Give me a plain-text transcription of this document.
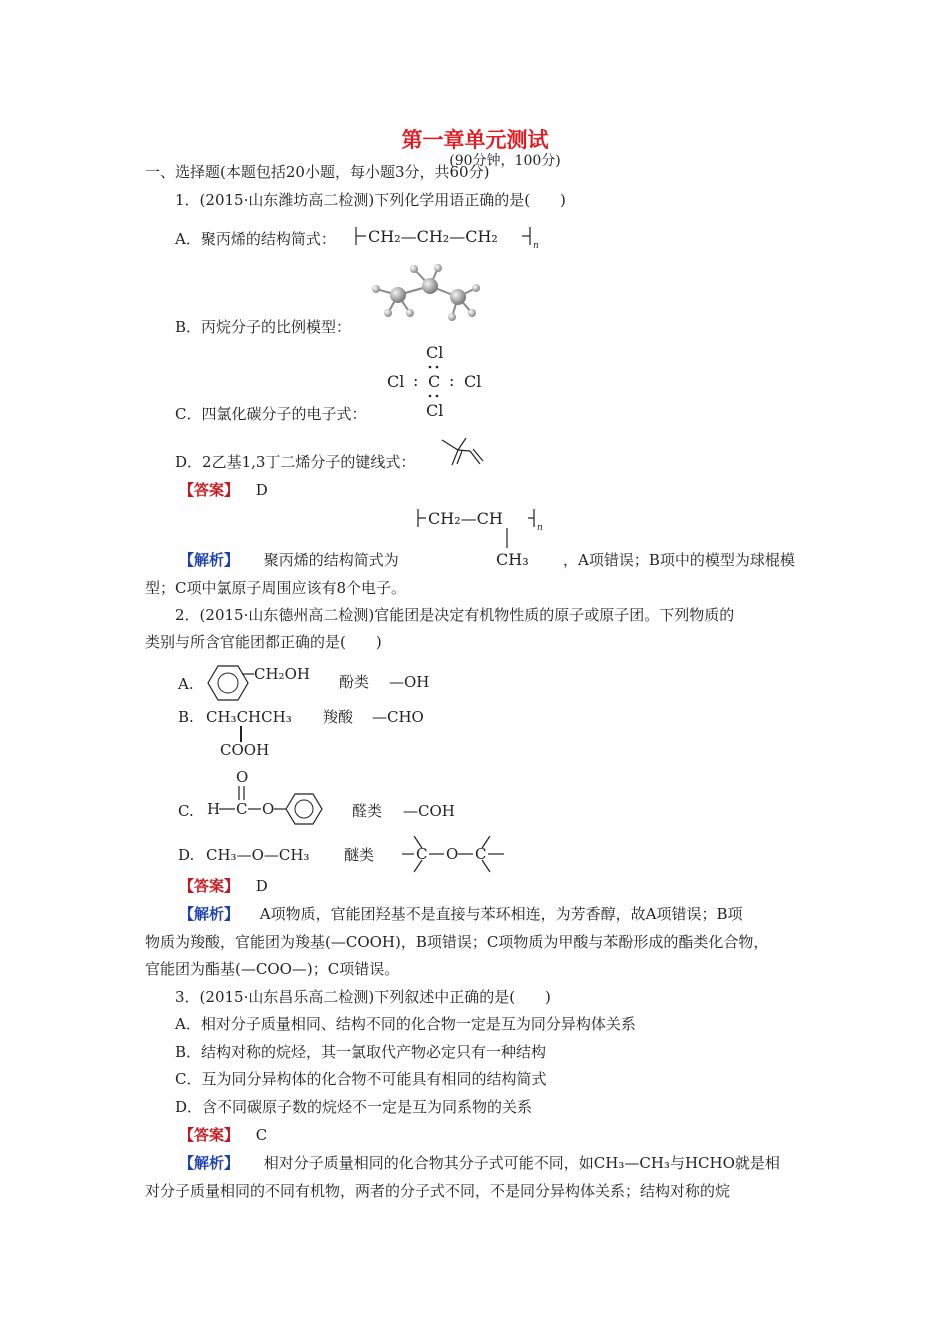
第一章单元测试
(90分钟，100分)
一、选择题(本题包括20小题，每小题3分，共60分)
1．(2015·山东潍坊高二检测)下列化学用语正确的是(　　)
A．聚丙烯的结构简式： CH₂—CH₂—CH₂	n
B．丙烷分子的比例模型：
Cl
Cl : C : Cl
Cl
C．四氯化碳分子的电子式：
D．2乙基1,3丁二烯分子的键线式：
【答案】 D
CH₂—CH	n
CH₃
【解析】 聚丙烯的结构简式为	，A项错误；B项中的模型为球棍模
型；C项中氯原子周围应该有8个电子。
2．(2015·山东德州高二检测)官能团是决定有机物性质的原子或原子团。下列物质的
类别与所含官能团都正确的是(　　)
A.
CH₂OH 酚类 —OH
B. CH₃CHCH₃
COOH
羧酸 —CHO
C.
O
H C O	醛类 —COH
D. CH₃—O—CH₃ 醚类	C O C
【答案】 D
【解析】 A项物质，官能团羟基不是直接与苯环相连，为芳香醇，故A项错误；B项
物质为羧酸，官能团为羧基(—COOH)，B项错误；C项物质为甲酸与苯酚形成的酯类化合物，
官能团为酯基(—COO—)；C项错误。
3．(2015·山东昌乐高二检测)下列叙述中正确的是(　　)
A．相对分子质量相同、结构不同的化合物一定是互为同分异构体关系
B．结构对称的烷烃，其一氯取代产物必定只有一种结构
C．互为同分异构体的化合物不可能具有相同的结构简式
D．含不同碳原子数的烷烃不一定是互为同系物的关系
【答案】 C
【解析】 相对分子质量相同的化合物其分子式可能不同，如CH₃—CH₃与HCHO就是相
对分子质量相同的不同有机物，两者的分子式不同，不是同分异构体关系；结构对称的烷
